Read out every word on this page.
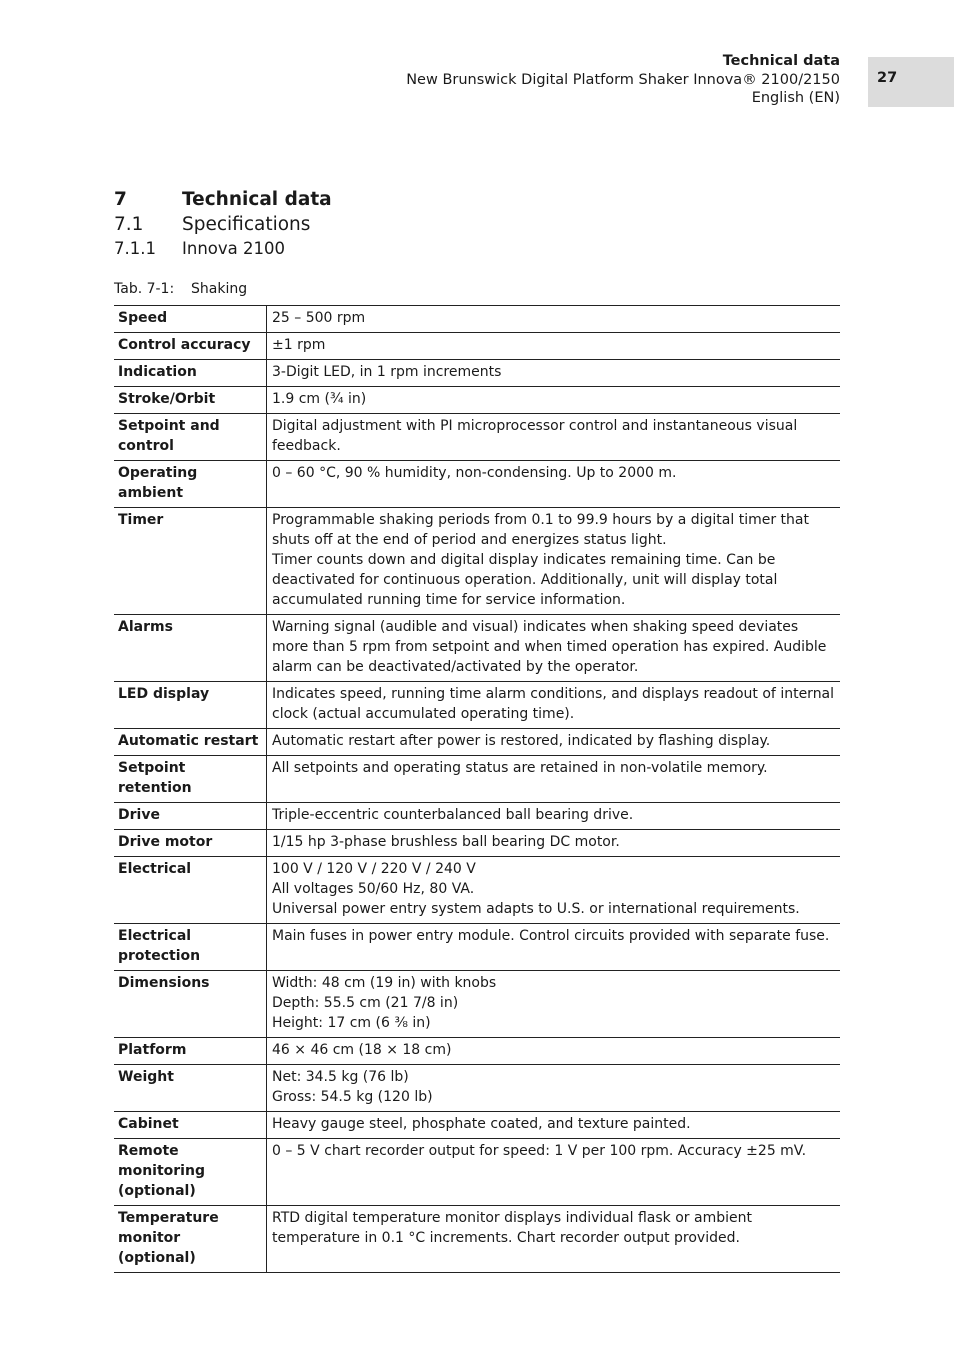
Technical data
New Brunswick Digital Platform Shaker Innova® 2100/2150
English (EN)
27
7	Technical data
7.1	Specifications
7.1.1	Innova 2100
Tab. 7-1:	Shaking
Speed	25 – 500 rpm

Control accuracy	±1 rpm

Indication	3-Digit LED, in 1 rpm increments

Stroke/Orbit	1.9 cm (¾ in)

Setpoint and control	Digital adjustment with PI microprocessor control and instantaneous visual feedback.

Operating ambient	0 – 60 °C, 90 % humidity, non-condensing. Up to 2000 m.

Timer	Programmable shaking periods from 0.1 to 99.9 hours by a digital timer that shuts off at the end of period and energizes status light.
Timer counts down and digital display indicates remaining time. Can be deactivated for continuous operation. Additionally, unit will display total accumulated running time for service information.

Alarms	Warning signal (audible and visual) indicates when shaking speed deviates more than 5 rpm from setpoint and when timed operation has expired. Audible alarm can be deactivated/activated by the operator.

LED display	Indicates speed, running time alarm conditions, and displays readout of internal clock (actual accumulated operating time).

Automatic restart	Automatic restart after power is restored, indicated by flashing display.

Setpoint retention	All setpoints and operating status are retained in non-volatile memory.

Drive	Triple-eccentric counterbalanced ball bearing drive.

Drive motor	1/15 hp 3-phase brushless ball bearing DC motor.

Electrical	100 V / 120 V / 220 V / 240 V
All voltages 50/60 Hz, 80 VA.
Universal power entry system adapts to U.S. or international requirements.

Electrical protection	Main fuses in power entry module. Control circuits provided with separate fuse.

Dimensions	Width: 48 cm (19 in) with knobs
Depth: 55.5 cm (21 7/8 in)
Height: 17 cm (6 ⅜ in)

Platform	46 × 46 cm (18 × 18 cm)

Weight	Net: 34.5 kg (76 lb)
Gross: 54.5 kg (120 lb)

Cabinet	Heavy gauge steel, phosphate coated, and texture painted.

Remote monitoring (optional)	0 – 5 V chart recorder output for speed: 1 V per 100 rpm. Accuracy ±25 mV.

Temperature monitor (optional)	RTD digital temperature monitor displays individual flask or ambient temperature in 0.1 °C increments. Chart recorder output provided.
